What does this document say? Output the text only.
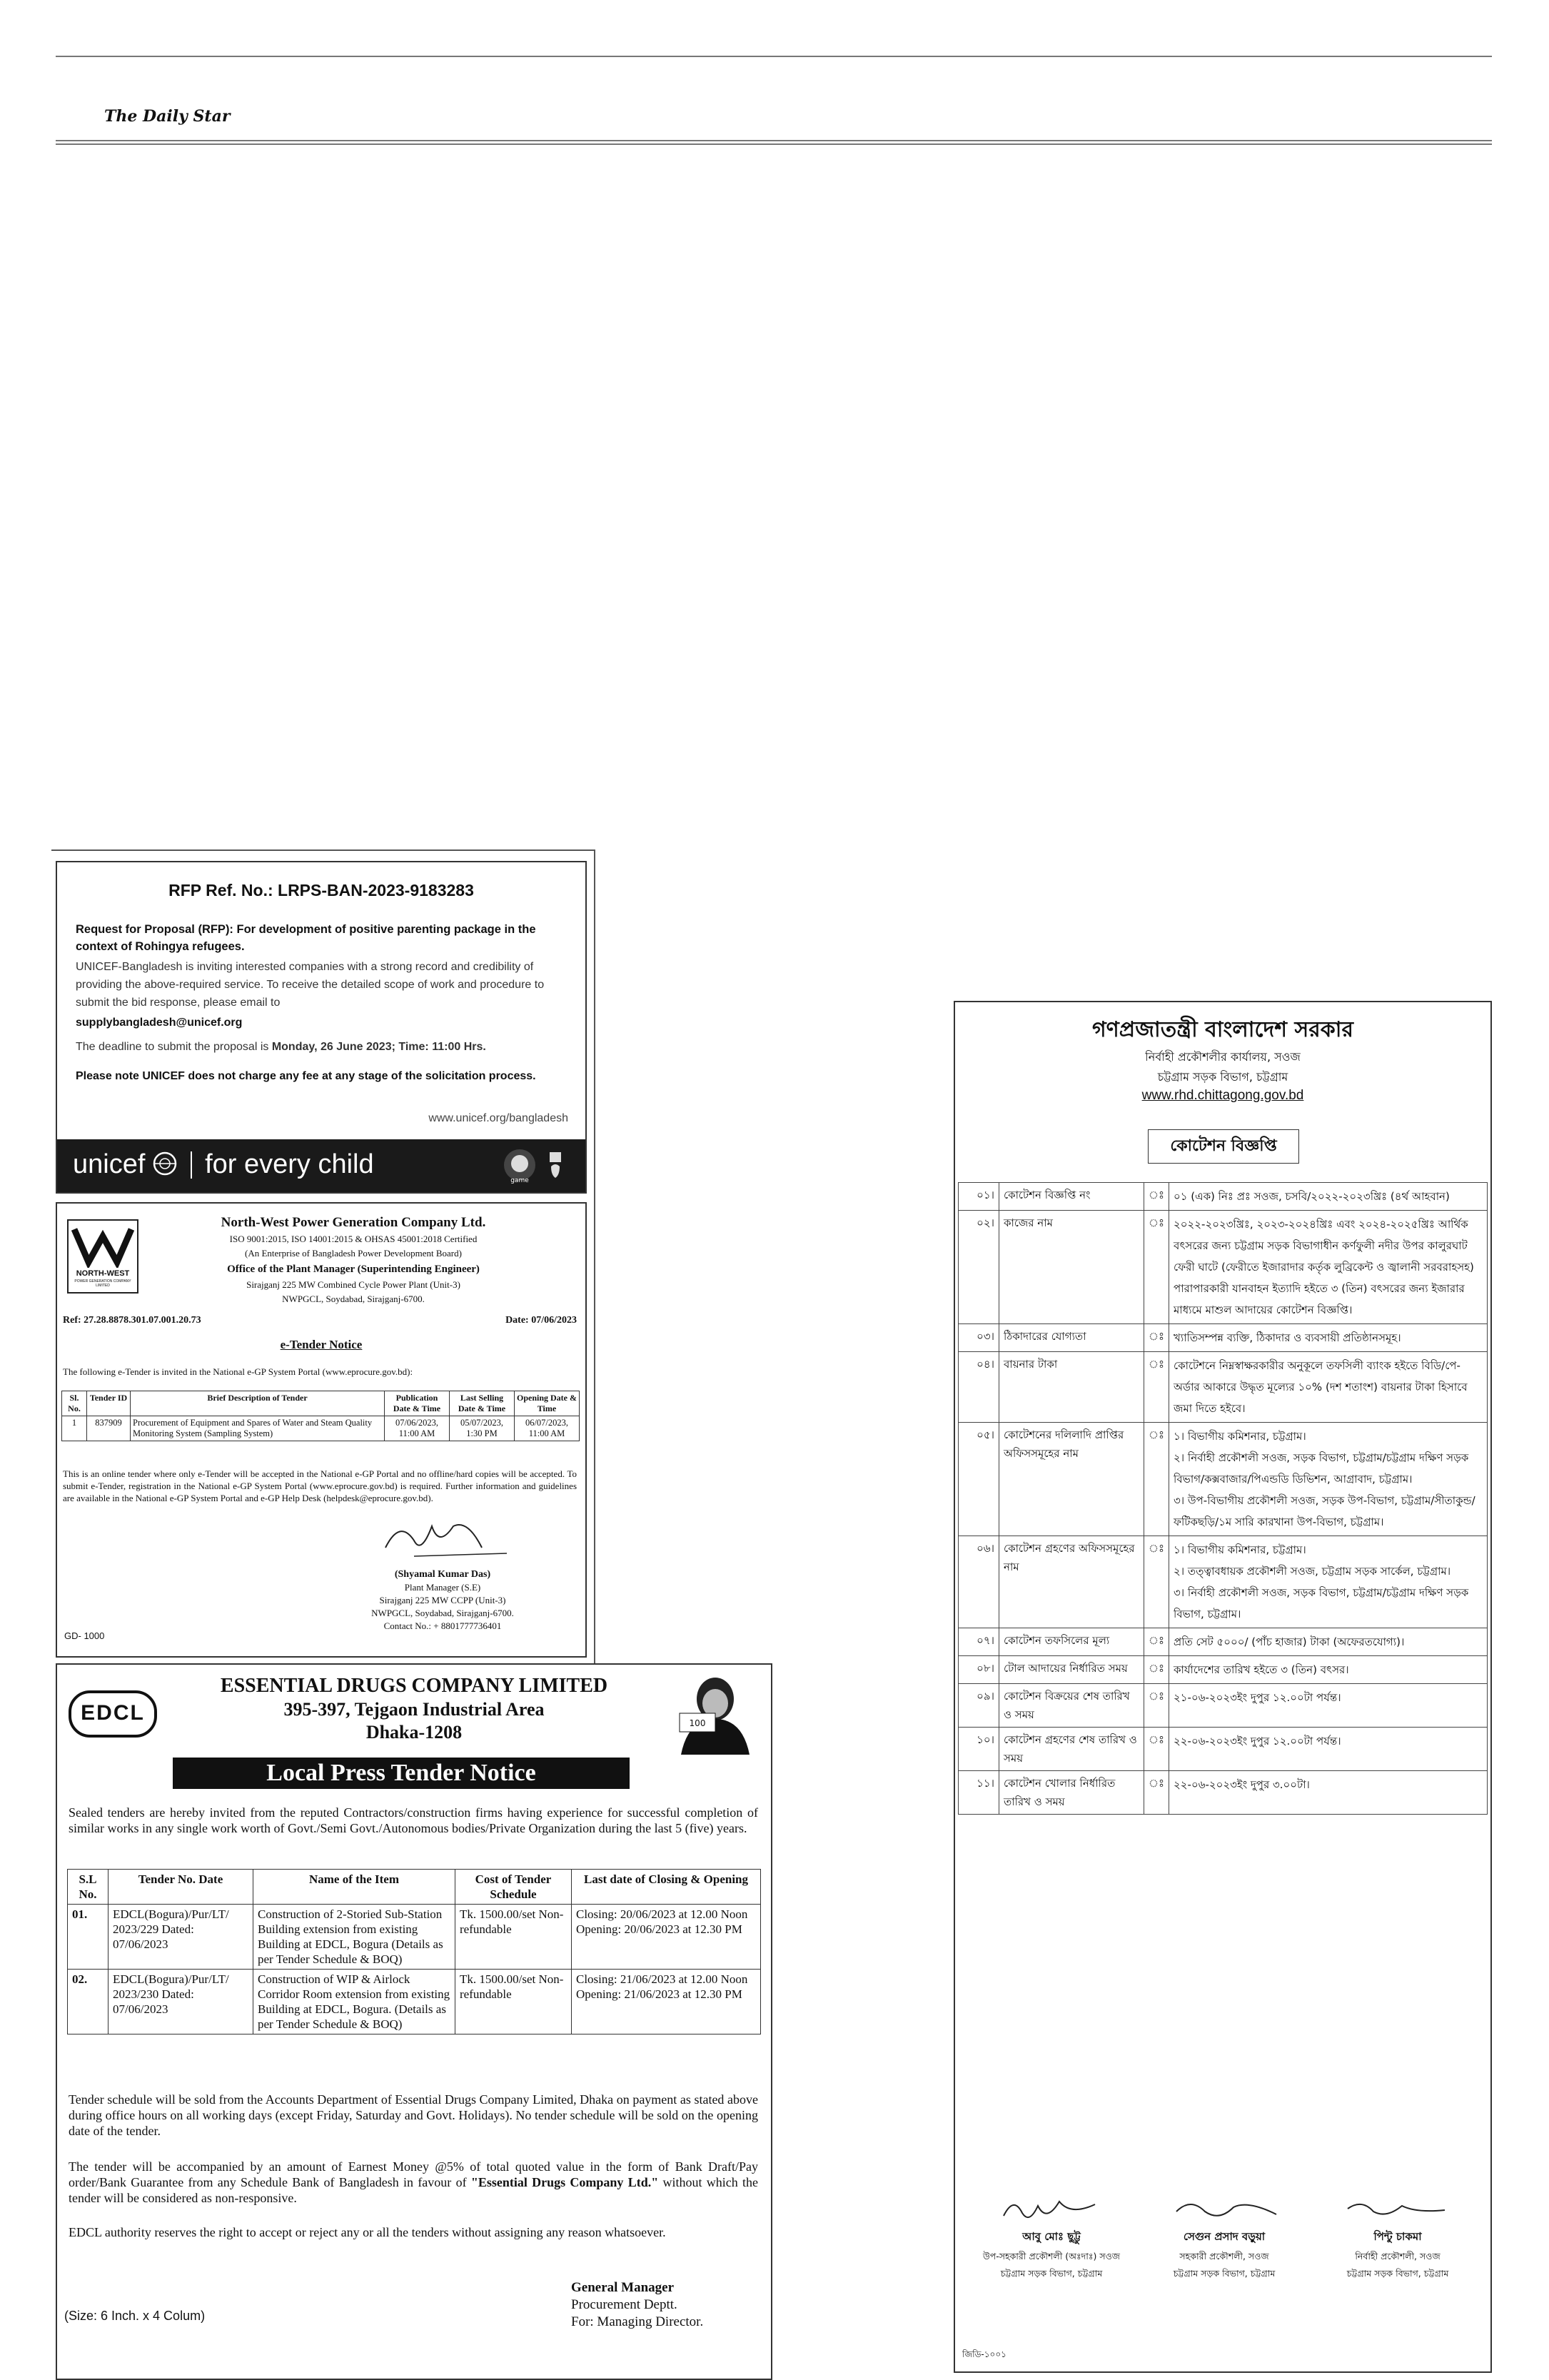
The Daily Star
RFP Ref. No.: LRPS-BAN-2023-9183283
Request for Proposal (RFP): For development of positive parenting package in the context of Rohingya refugees.
UNICEF-Bangladesh is inviting interested companies with a strong record and credibility of providing the above-required service. To receive the detailed scope of work and procedure to submit the bid response, please email to
supplybangladesh@unicef.org
The deadline to submit the proposal is Monday, 26 June 2023; Time: 11:00 Hrs.
Please note UNICEF does not charge any fee at any stage of the solicitation process.
www.unicef.org/bangladesh
unicef for every child
game
NORTH-WEST
POWER GENERATION COMPANY LIMITED
North-West Power Generation Company Ltd.
ISO 9001:2015, ISO 14001:2015 & OHSAS 45001:2018 Certified
(An Enterprise of Bangladesh Power Development Board)
Office of the Plant Manager (Superintending Engineer)
Sirajganj 225 MW Combined Cycle Power Plant (Unit-3)
NWPGCL, Soydabad, Sirajganj-6700.
Ref: 27.28.8878.301.07.001.20.73	Date: 07/06/2023
e-Tender Notice
The following e-Tender is invited in the National e-GP System Portal (www.eprocure.gov.bd):
Sl. No.	Tender ID	Brief Description of Tender	Publication Date & Time	Last Selling Date & Time	Opening Date & Time
1	837909	Procurement of Equipment and Spares of Water and Steam Quality Monitoring System (Sampling System)	07/06/2023, 11:00 AM	05/07/2023, 1:30 PM	06/07/2023, 11:00 AM
This is an online tender where only e-Tender will be accepted in the National e-GP Portal and no offline/hard copies will be accepted. To submit e-Tender, registration in the National e-GP System Portal (www.eprocure.gov.bd) is required. Further information and guidelines are available in the National e-GP System Portal and e-GP Help Desk (helpdesk@eprocure.gov.bd).
(Shyamal Kumar Das)
Plant Manager (S.E)
Sirajganj 225 MW CCPP (Unit-3)
NWPGCL, Soydabad, Sirajganj-6700.
Contact No.: + 8801777736401
GD- 1000
EDCL
ESSENTIAL DRUGS COMPANY LIMITED
395-397, Tejgaon Industrial Area
Dhaka-1208	100
Local Press Tender Notice
Sealed tenders are hereby invited from the reputed Contractors/construction firms having experience for successful completion of similar works in any single work worth of Govt./Semi Govt./Autonomous bodies/Private Organization during the last 5 (five) years.
S.L No.	Tender No. Date	Name of the Item	Cost of Tender Schedule	Last date of Closing & Opening
01.	EDCL(Bogura)/Pur/LT/ 2023/229 Dated: 07/06/2023	Construction of 2-Storied Sub-Station Building extension from existing Building at EDCL, Bogura (Details as per Tender Schedule & BOQ)	Tk. 1500.00/set Non-refundable	Closing: 20/06/2023 at 12.00 Noon Opening: 20/06/2023 at 12.30 PM
02.	EDCL(Bogura)/Pur/LT/ 2023/230 Dated: 07/06/2023	Construction of WIP & Airlock Corridor Room extension from existing Building at EDCL, Bogura. (Details as per Tender Schedule & BOQ)	Tk. 1500.00/set Non-refundable	Closing: 21/06/2023 at 12.00 Noon Opening: 21/06/2023 at 12.30 PM
Tender schedule will be sold from the Accounts Department of Essential Drugs Company Limited, Dhaka on payment as stated above during office hours on all working days (except Friday, Saturday and Govt. Holidays). No tender schedule will be sold on the opening date of the tender.
The tender will be accompanied by an amount of Earnest Money @5% of total quoted value in the form of Bank Draft/Pay order/Bank Guarantee from any Schedule Bank of Bangladesh in favour of "Essential Drugs Company Ltd." without which the tender will be considered as non-responsive.
EDCL authority reserves the right to accept or reject any or all the tenders without assigning any reason whatsoever.
General Manager
Procurement Deptt.
For: Managing Director.
(Size: 6 Inch. x 4 Colum)
গণপ্রজাতন্ত্রী বাংলাদেশ সরকার
নির্বাহী প্রকৌশলীর কার্যালয়, সওজ
চট্টগ্রাম সড়ক বিভাগ, চট্টগ্রাম
www.rhd.chittagong.gov.bd
কোটেশন বিজ্ঞপ্তি
০১।	কোটেশন বিজ্ঞপ্তি নং	ঃ	০১ (এক) নিঃ প্রঃ সওজ, চসবি/২০২২-২০২৩খ্রিঃ (৪র্থ আহবান)

০২।	কাজের নাম	ঃ	২০২২-২০২৩খ্রিঃ, ২০২৩-২০২৪খ্রিঃ এবং ২০২৪-২০২৫খ্রিঃ আর্থিক বৎসরের জন্য চট্টগ্রাম সড়ক বিভাগাধীন কর্ণফুলী নদীর উপর কালুরঘাট ফেরী ঘাটে (ফেরীতে ইজারাদার কর্তৃক লুব্রিকেন্ট ও জ্বালানী সরবরাহসহ) পারাপারকারী যানবাহন ইত্যাদি হইতে ৩ (তিন) বৎসরের জন্য ইজারার মাধ্যমে মাশুল আদায়ের কোটেশন বিজ্ঞপ্তি।

০৩।	ঠিকাদারের যোগ্যতা	ঃ	খ্যাতিসম্পন্ন ব্যক্তি, ঠিকাদার ও ব্যবসায়ী প্রতিষ্ঠানসমূহ।

০৪।	বায়নার টাকা	ঃ	কোটেশনে নিম্নস্বাক্ষরকারীর অনুকূলে তফসিলী ব্যাংক হইতে বিডি/পে-অর্ডার আকারে উদ্ধৃত মূল্যের ১০% (দশ শতাংশ) বায়নার টাকা হিসাবে জমা দিতে হইবে।

০৫।	কোটেশনের দলিলাদি প্রাপ্তির অফিসসমূহের নাম	ঃ	১। বিভাগীয় কমিশনার, চট্টগ্রাম।
২। নির্বাহী প্রকৌশলী সওজ, সড়ক বিভাগ, চট্টগ্রাম/চট্টগ্রাম দক্ষিণ সড়ক বিভাগ/কক্সবাজার/পিএন্ডডি ডিভিশন, আগ্রাবাদ, চট্টগ্রাম।
৩। উপ-বিভাগীয় প্রকৌশলী সওজ, সড়ক উপ-বিভাগ, চট্টগ্রাম/সীতাকুন্ড/ফটিকছড়ি/১ম সারি কারখানা উপ-বিভাগ, চট্টগ্রাম।

০৬।	কোটেশন গ্রহণের অফিসসমূহের নাম	ঃ	১। বিভাগীয় কমিশনার, চট্টগ্রাম।
২। তত্ত্বাবধায়ক প্রকৌশলী সওজ, চট্টগ্রাম সড়ক সার্কেল, চট্টগ্রাম।
৩। নির্বাহী প্রকৌশলী সওজ, সড়ক বিভাগ, চট্টগ্রাম/চট্টগ্রাম দক্ষিণ সড়ক বিভাগ, চট্টগ্রাম।

০৭।	কোটেশন তফসিলের মূল্য	ঃ	প্রতি সেট ৫০০০/ (পাঁচ হাজার) টাকা (অফেরতযোগ্য)।

০৮।	টোল আদায়ের নির্ধারিত সময়	ঃ	কার্যাদেশের তারিখ হইতে ৩ (তিন) বৎসর।

০৯।	কোটেশন বিক্রয়ের শেষ তারিখ ও সময়	ঃ	২১-০৬-২০২৩ইং দুপুর ১২.০০টা পর্যন্ত।

১০।	কোটেশন গ্রহণের শেষ তারিখ ও সময়	ঃ	২২-০৬-২০২৩ইং দুপুর ১২.০০টা পর্যন্ত।

১১।	কোটেশন খোলার নির্ধারিত তারিখ ও সময়	ঃ	২২-০৬-২০২৩ইং দুপুর ৩.০০টা।
আবু মোঃ ছুট্টু
উপ-সহকারী প্রকৌশলী (অঃদাঃ) সওজ
চট্টগ্রাম সড়ক বিভাগ, চট্টগ্রাম
সেগুন প্রসাদ বড়ুয়া
সহকারী প্রকৌশলী, সওজ
চট্টগ্রাম সড়ক বিভাগ, চট্টগ্রাম
পিন্টু চাকমা
নির্বাহী প্রকৌশলী, সওজ
চট্টগ্রাম সড়ক বিভাগ, চট্টগ্রাম
জিডি-১০০১
